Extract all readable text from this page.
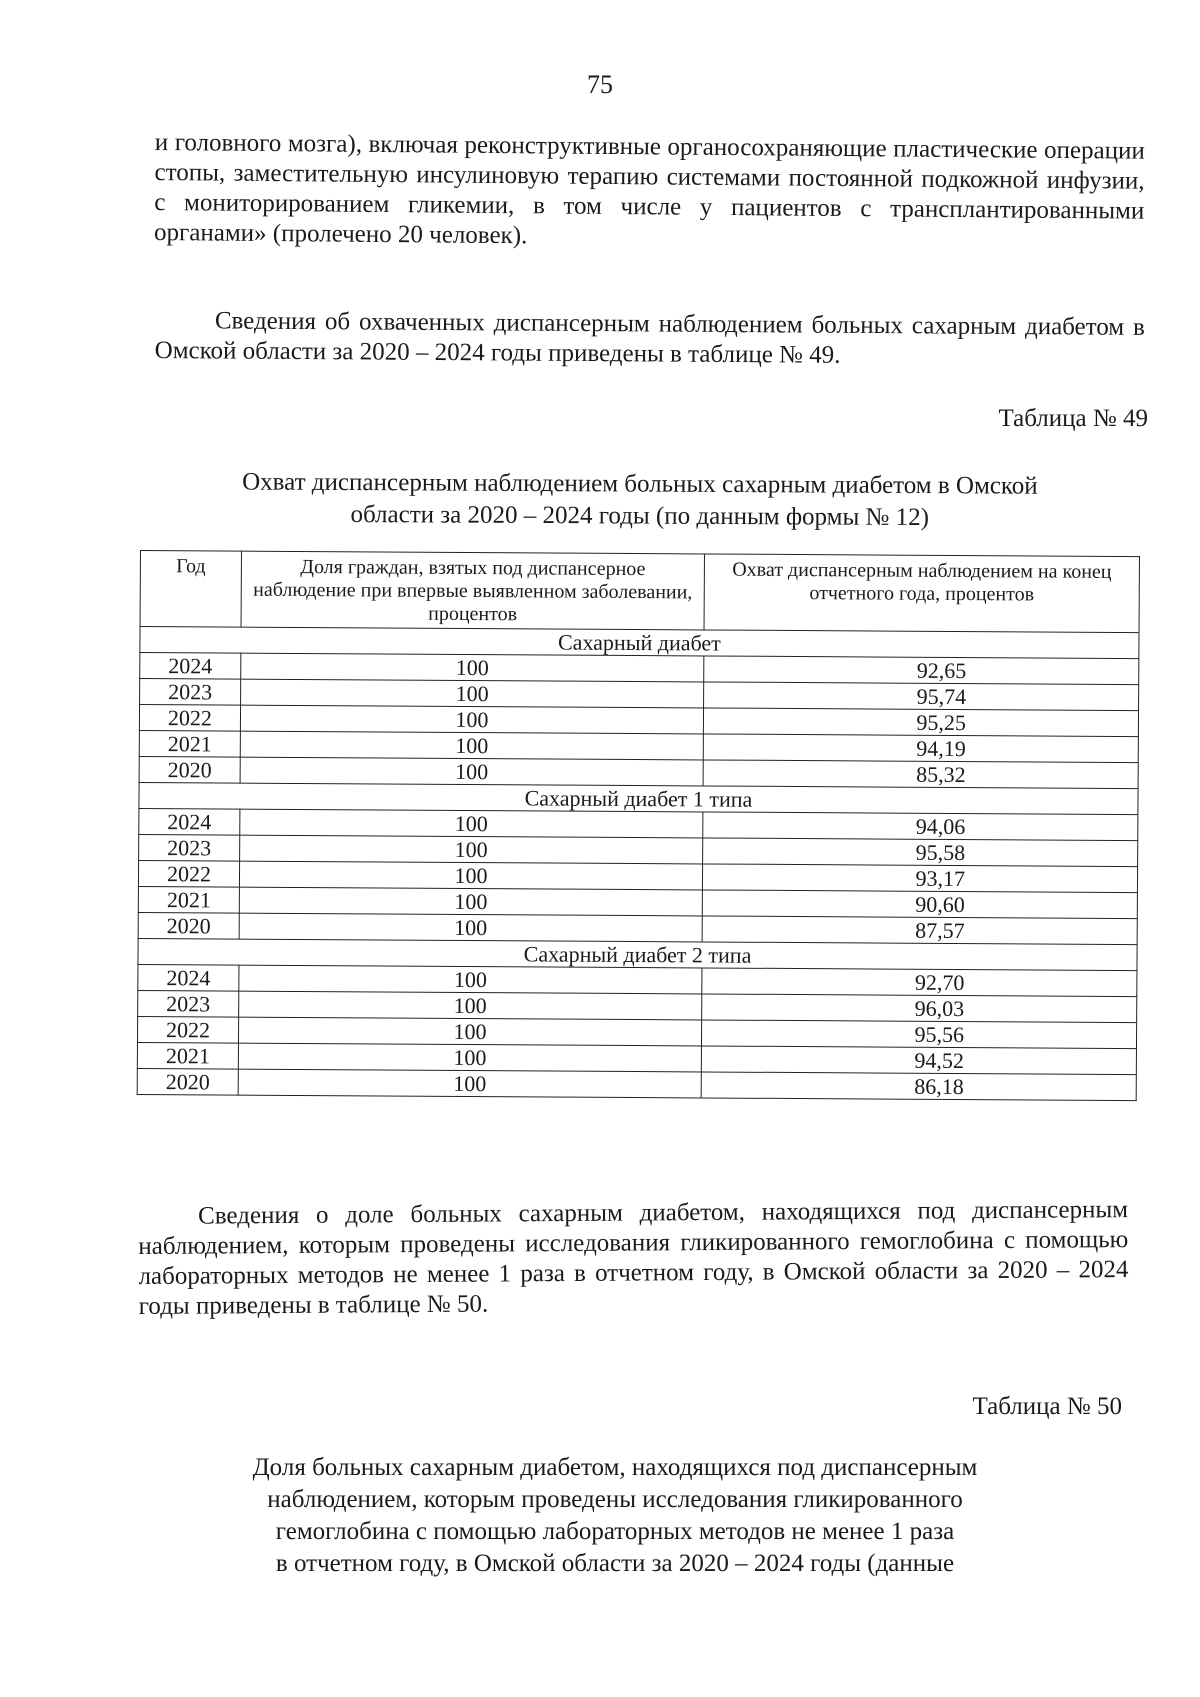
75
и головного мозга), включая реконструктивные органосохраняющие пластические операции стопы, заместительную инсулиновую терапию системами постоянной подкожной инфузии, с мониторированием гликемии, в том числе у пациентов с трансплантированными органами» (пролечено 20 человек).
Сведения об охваченных диспансерным наблюдением больных сахарным диабетом в Омской области за 2020 – 2024 годы приведены в таблице № 49.
Таблица № 49
Охват диспансерным наблюдением больных сахарным диабетом в Омской
области за 2020 – 2024 годы (по данным формы № 12)
Год	Доля граждан, взятых под диспансерное наблюдение при впервые выявленном заболевании, процентов	Охват диспансерным наблюдением на конец отчетного года, процентов
Сахарный диабет		
2024	100	92,65
2023	100	95,74
2022	100	95,25
2021	100	94,19
2020	100	85,32
Сахарный диабет 1 типа		
2024	100	94,06
2023	100	95,58
2022	100	93,17
2021	100	90,60
2020	100	87,57
Сахарный диабет 2 типа		
2024	100	92,70
2023	100	96,03
2022	100	95,56
2021	100	94,52
2020	100	86,18
Сведения о доле больных сахарным диабетом, находящихся под диспансерным наблюдением, которым проведены исследования гликированного гемоглобина с помощью лабораторных методов не менее 1 раза в отчетном году, в Омской области за 2020 – 2024 годы приведены в таблице № 50.
Таблица № 50
Доля больных сахарным диабетом, находящихся под диспансерным
наблюдением, которым проведены исследования гликированного
гемоглобина с помощью лабораторных методов не менее 1 раза
в отчетном году, в Омской области за 2020 – 2024 годы (данные
